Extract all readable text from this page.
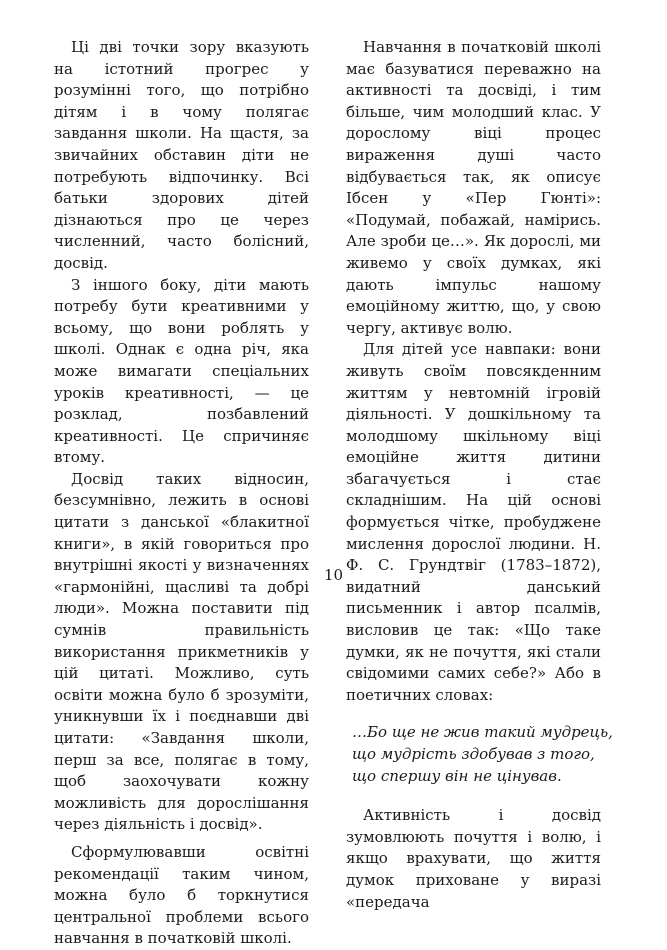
Ці дві точки зору вказують на істотний прогрес у розумінні того, що потрібно дітям і в чому полягає завдання школи. На щастя, за звичайних обставин діти не потребують відпочинку. Всі батьки здорових дітей дізнаються про це через численний, часто болісний, досвід.

З іншого боку, діти мають потребу бути креативними у всьому, що вони роблять у школі. Однак є одна річ, яка може вимагати спеціальних уроків креативності, — це розклад, позбавлений креативності. Це спричиняє втому.

Досвід таких відносин, безсумнівно, лежить в основі цитати з данської «блакитної книги», в якій говориться про внутрішні якості у визначеннях «гармонійні, щасливі та добрі люди». Можна поставити під сумнів правильність використання прикметників у цій цитаті. Можливо, суть освіти можна було б зрозуміти, уникнувши їх і поєднавши дві цитати: «Завдання школи, перш за все, полягає в тому, щоб заохочувати кожну можливість для дорослішання через діяльність і досвід».

Сформулювавши освітні рекомендації таким чином, можна було б торкнутися центральної проблеми всього навчання в початковій школі.

Навчання в початковій школі має базуватися переважно на активності та досвіді, і тим більше, чим молодший клас. У дорослому віці процес вираження душі часто відбувається так, як описує Ібсен у «Пер Гюнті»: «Подумай, побажай, намірись. Але зроби це…». Як дорослі, ми живемо у своїх думках, які дають імпульс нашому емоційному життю, що, у свою чергу, активує волю.

Для дітей усе навпаки: вони живуть своїм повсякденним життям у невтомній ігровій діяльності. У дошкільному та молодшому шкільному віці емоційне життя дитини збагачується і стає складнішим. На цій основі формується чітке, пробуджене мислення дорослої людини. Н. Ф. С. Грундтвіг (1783–1872), видатний данський письменник і автор псалмів, висловив це так: «Що таке думки, як не почуття, які стали свідомими самих себе?» Або в поетичних словах:

…Бо ще не жив такий мудрець,
що мудрість здобував з того,
що спершу він не цінував.

Активність і досвід зумовлюють почуття і волю, і якщо врахувати, що життя думок приховане у виразі «передача

10
